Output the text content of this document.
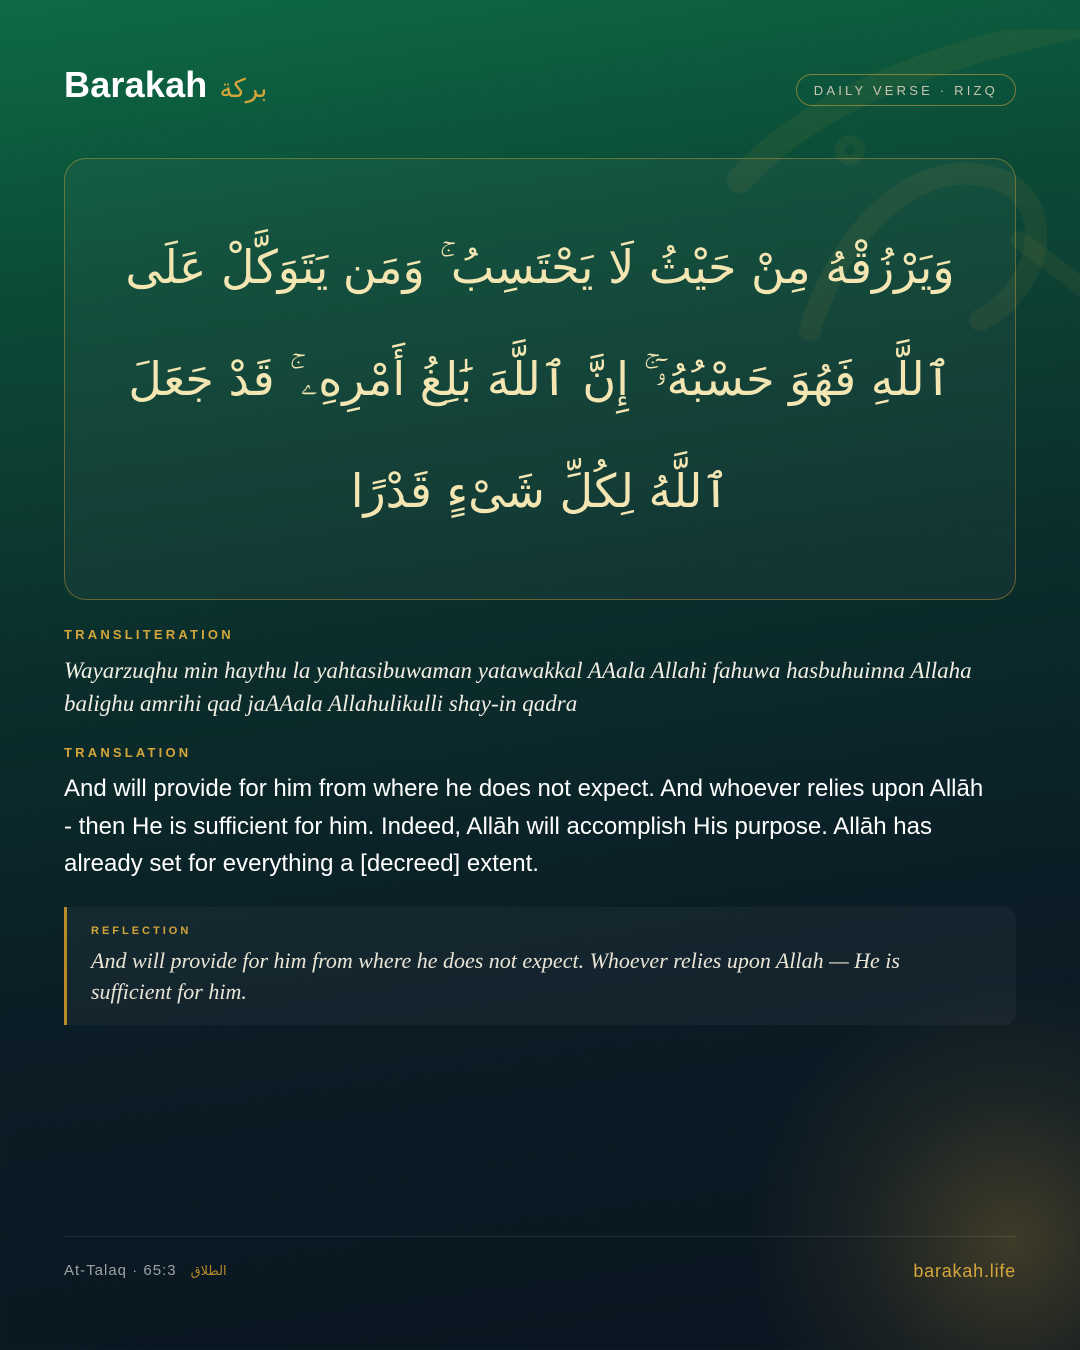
Barakah بركة	DAILY VERSE · RIZQ
وَيَرْزُقْهُ مِنْ حَيْثُ لَا يَحْتَسِبُ ۚ وَمَن يَتَوَكَّلْ عَلَى ٱللَّهِ فَهُوَ حَسْبُهُۥٓ ۚ إِنَّ ٱللَّهَ بَٰلِغُ أَمْرِهِۦ ۚ قَدْ جَعَلَ ٱللَّهُ لِكُلِّ شَىْءٍ قَدْرًا
TRANSLITERATION
Wayarzuqhu min haythu la yahtasibuwaman yatawakkal AAala Allahi fahuwa hasbuhuinna Allaha balighu amrihi qad jaAAala Allahulikulli shay-in qadra
TRANSLATION
And will provide for him from where he does not expect. And whoever relies upon Allāh - then He is sufficient for him. Indeed, Allāh will accomplish His purpose. Allāh has already set for everything a [decreed] extent.
REFLECTION
And will provide for him from where he does not expect. Whoever relies upon Allah — He is sufficient for him.
At-Talaq · 65:3 الطلاق	barakah.life
